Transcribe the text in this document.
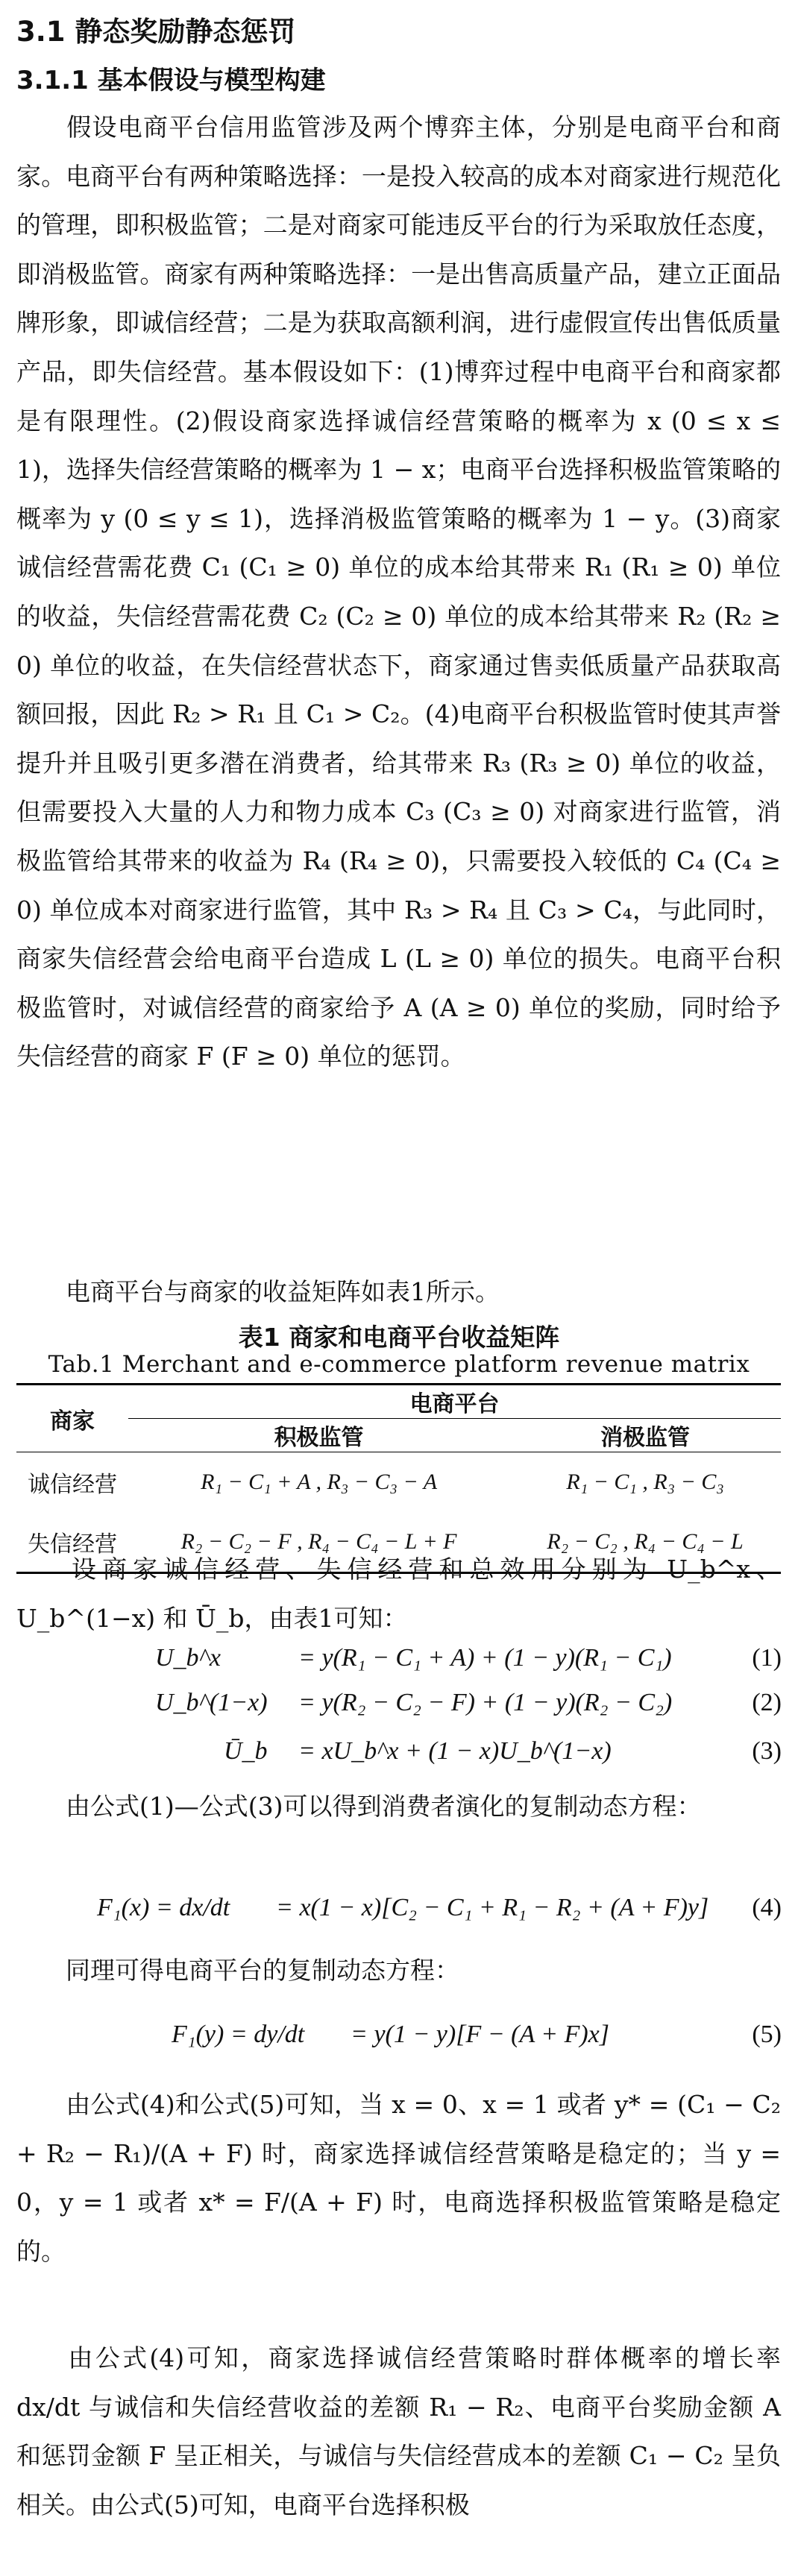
3.1 静态奖励静态惩罚
3.1.1 基本假设与模型构建

假设电商平台信用监管涉及两个博弈主体，分别是电商平台和商家。电商平台有两种策略选择：一是投入较高的成本对商家进行规范化的管理，即积极监管；二是对商家可能违反平台的行为采取放任态度，即消极监管。商家有两种策略选择：一是出售高质量产品，建立正面品牌形象，即诚信经营；二是为获取高额利润，进行虚假宣传出售低质量产品，即失信经营。基本假设如下：(1)博弈过程中电商平台和商家都是有限理性。(2)假设商家选择诚信经营策略的概率为 x (0 ≤ x ≤ 1)，选择失信经营策略的概率为 1 − x；电商平台选择积极监管策略的概率为 y (0 ≤ y ≤ 1)，选择消极监管策略的概率为 1 − y。(3)商家诚信经营需花费 C₁ (C₁ ≥ 0) 单位的成本给其带来 R₁ (R₁ ≥ 0) 单位的收益，失信经营需花费 C₂ (C₂ ≥ 0) 单位的成本给其带来 R₂ (R₂ ≥ 0) 单位的收益，在失信经营状态下，商家通过售卖低质量产品获取高额回报，因此 R₂ > R₁ 且 C₁ > C₂。(4)电商平台积极监管时使其声誉提升并且吸引更多潜在消费者，给其带来 R₃ (R₃ ≥ 0) 单位的收益，但需要投入大量的人力和物力成本 C₃ (C₃ ≥ 0) 对商家进行监管，消极监管给其带来的收益为 R₄ (R₄ ≥ 0)，只需要投入较低的 C₄ (C₄ ≥ 0) 单位成本对商家进行监管，其中 R₃ > R₄ 且 C₃ > C₄，与此同时，商家失信经营会给电商平台造成 L (L ≥ 0) 单位的损失。电商平台积极监管时，对诚信经营的商家给予 A (A ≥ 0) 单位的奖励，同时给予失信经营的商家 F (F ≥ 0) 单位的惩罚。

电商平台与商家的收益矩阵如表1所示。

表1 商家和电商平台收益矩阵
Tab.1 Merchant and e-commerce platform revenue matrix
商家	电商平台	
	积极监管	消极监管
诚信经营	R₁ − C₁ + A , R₃ − C₃ − A	R₁ − C₁ , R₃ − C₃
失信经营	R₂ − C₂ − F , R₄ − C₄ − L + F	R₂ − C₂ , R₄ − C₄ − L

设商家诚信经营、失信经营和总效用分别为 U_b^x、U_b^(1−x) 和 Ū_b，由表1可知：

U_b^x	= y(R₁ − C₁ + A) + (1 − y)(R₁ − C₁)	(1)
U_b^(1−x) = y(R₂ − C₂ − F) + (1 − y)(R₂ − C₂)	(2)
Ū_b = xU_b^x + (1 − x)U_b^(1−x)	(3)

由公式(1)—公式(3)可以得到消费者演化的复制动态方程：

F₁(x) = dx/dt = x(1 − x)[C₂ − C₁ + R₁ − R₂ + (A + F)y] (4)

同理可得电商平台的复制动态方程：

F₁(y) = dy/dt = y(1 − y)[F − (A + F)x]	(5)

由公式(4)和公式(5)可知，当 x = 0、x = 1 或者 y* = (C₁ − C₂ + R₂ − R₁)/(A + F) 时，商家选择诚信经营策略是稳定的；当 y = 0，y = 1 或者 x* = F/(A + F) 时，电商选择积极监管策略是稳定的。

由公式(4)可知，商家选择诚信经营策略时群体概率的增长率 dx/dt 与诚信和失信经营收益的差额 R₁ − R₂、电商平台奖励金额 A 和惩罚金额 F 呈正相关，与诚信与失信经营成本的差额 C₁ − C₂ 呈负相关。由公式(5)可知，电商平台选择积极
